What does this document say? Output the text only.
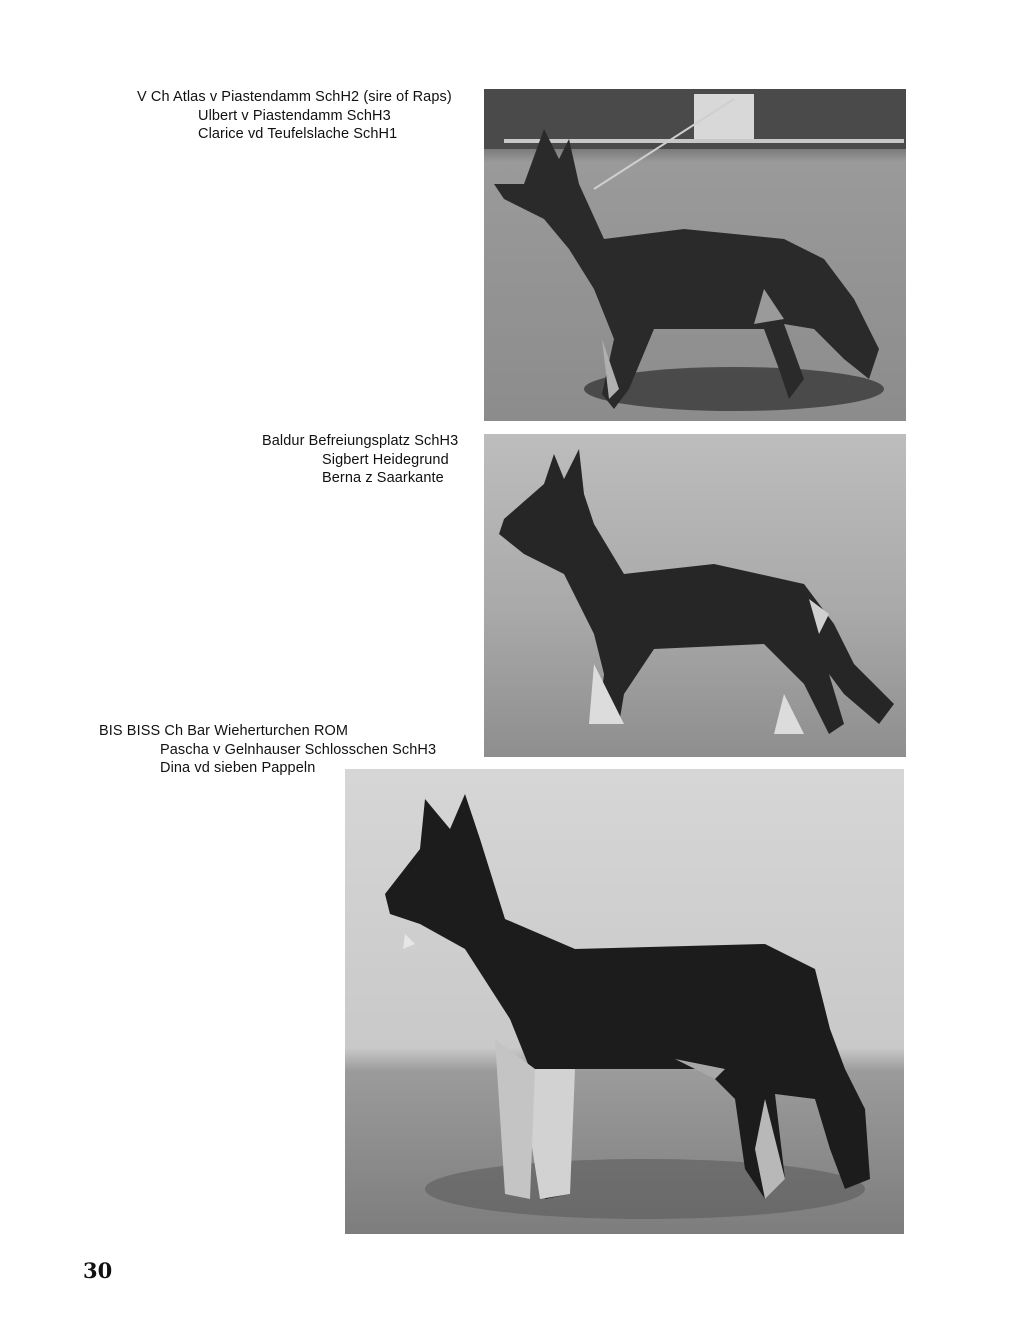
V Ch Atlas v Piastendamm SchH2 (sire of Raps)
Ulbert v Piastendamm SchH3
Clarice vd Teufelslache SchH1
Baldur Befreiungsplatz SchH3
Sigbert Heidegrund
Berna z Saarkante
BIS BISS Ch Bar Wieherturchen ROM
Pascha v Gelnhauser Schlosschen SchH3
Dina vd sieben Pappeln
30
